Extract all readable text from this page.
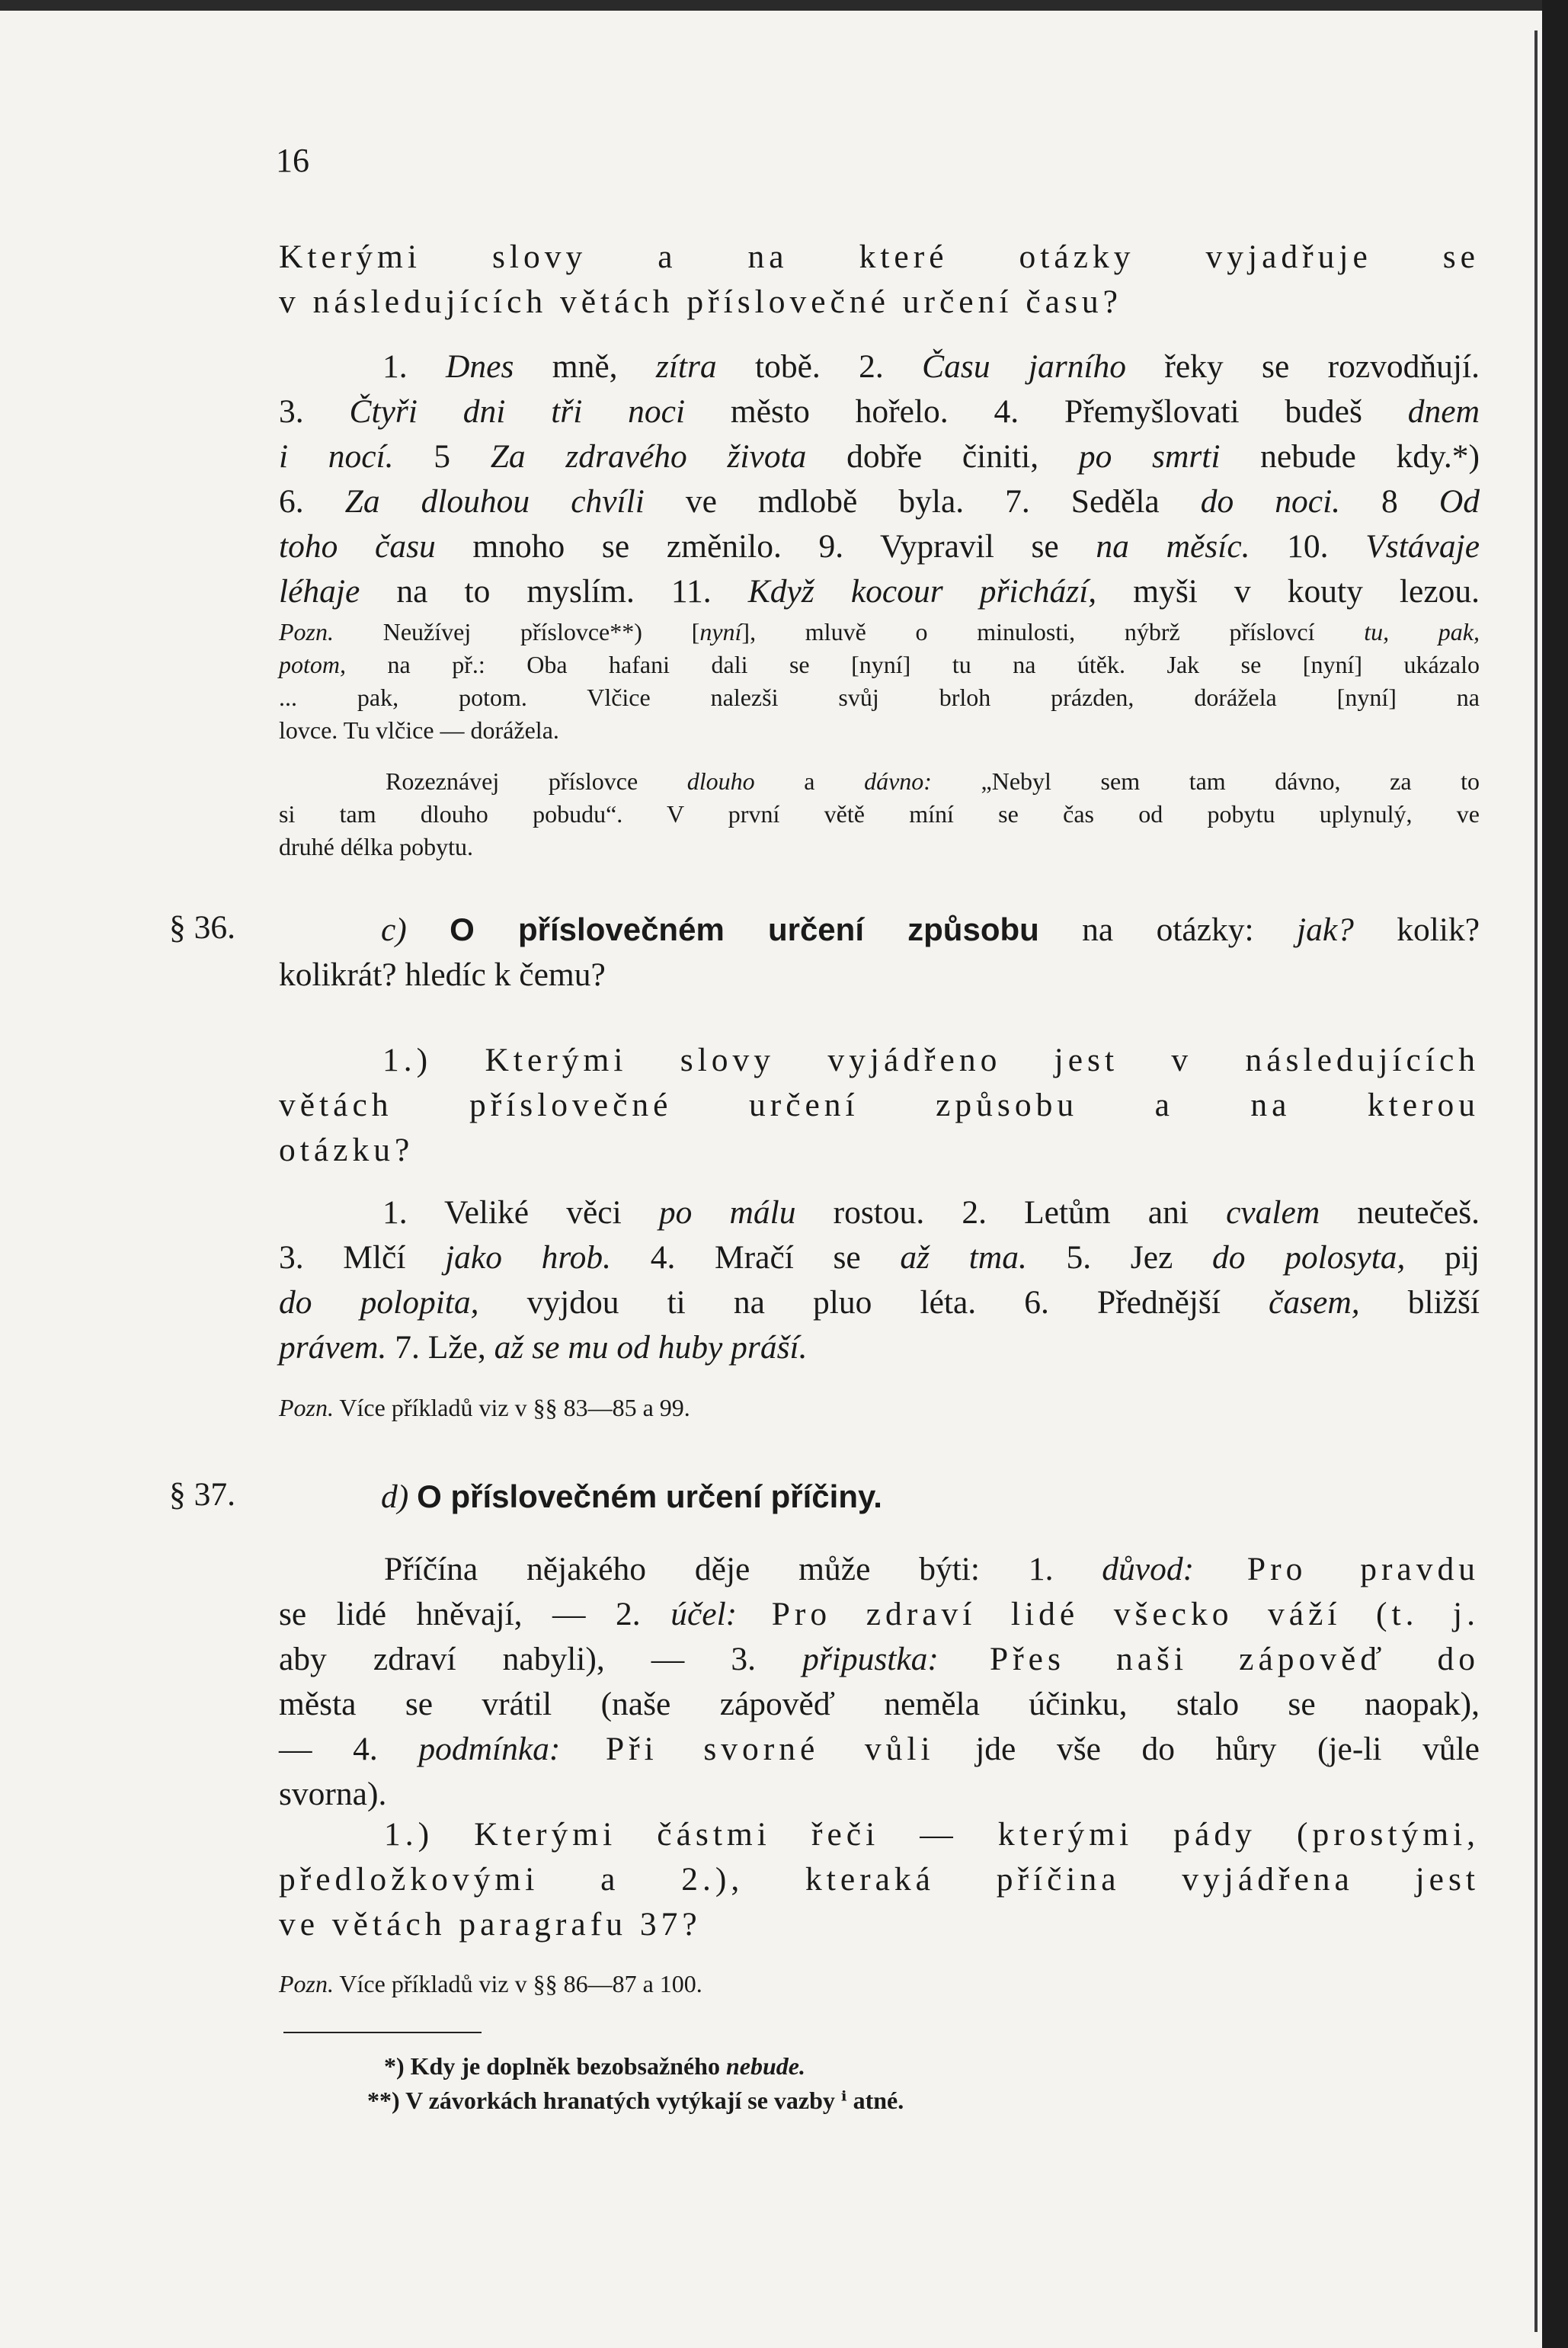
16

Kterými slovy a na které otázky vyjadřuje se

v následujících větách příslovečné určení času?

1. Dnes mně, zítra tobě. 2. Času jarního řeky se rozvodňují.

3. Čtyři dni tři noci město hořelo. 4. Přemyšlovati budeš dnem

i nocí. 5 Za zdravého života dobře činiti, po smrti nebude kdy.*)

6. Za dlouhou chvíli ve mdlobě byla. 7. Seděla do noci. 8 Od

toho času mnoho se změnilo. 9. Vypravil se na měsíc. 10. Vstávaje

léhaje na to myslím. 11. Když kocour přichází, myši v kouty lezou.

Pozn. Neužívej příslovce**) [nyní], mluvě o minulosti, nýbrž příslovcí tu, pak,

potom, na př.: Oba hafani dali se [nyní] tu na útěk. Jak se [nyní] ukázalo

... pak, potom. Vlčice nalezši svůj brloh prázden, dorážela [nyní] na

lovce. Tu vlčice — dorážela.

Rozeznávej příslovce dlouho a dávno: „Nebyl sem tam dávno, za to

si tam dlouho pobudu“. V první větě míní se čas od pobytu uplynulý, ve

druhé délka pobytu.

§ 36.	c) O příslovečném určení způsobu na otázky: jak? kolik?

kolikrát? hledíc k čemu?

1.) Kterými slovy vyjádřeno jest v následujících

větách příslovečné určení způsobu a na kterou

otázku?

1. Veliké věci po málu rostou. 2. Letům ani cvalem neutečeš.

3. Mlčí jako hrob. 4. Mračí se až tma. 5. Jez do polosyta, pij

do polopita, vyjdou ti na pluo léta. 6. Přednější časem, bližší

právem. 7. Lže, až se mu od huby práší.

Pozn. Více příkladů viz v §§ 83—85 a 99.

§ 37.	d) O příslovečném určení příčiny.

Příčína nějakého děje může býti: 1. důvod: Pro pravdu

se lidé hněvají, — 2. účel: Pro zdraví lidé všecko váží (t. j.

aby zdraví nabyli), — 3. připustka: Přes naši zápověď do

města se vrátil (naše zápověď neměla účinku, stalo se naopak),

— 4. podmínka: Při svorné vůli jde vše do hůry (je-li vůle

svorna).

1.) Kterými částmi řeči — kterými pády (prostými,

předložkovými a 2.), kteraká příčina vyjádřena jest

ve větách paragrafu 37?

Pozn. Více příkladů viz v §§ 86—87 a 100.

*) Kdy je doplněk bezobsažného nebude.
**) V závorkách hranatých vytýkají se vazby ⁱ atné.
